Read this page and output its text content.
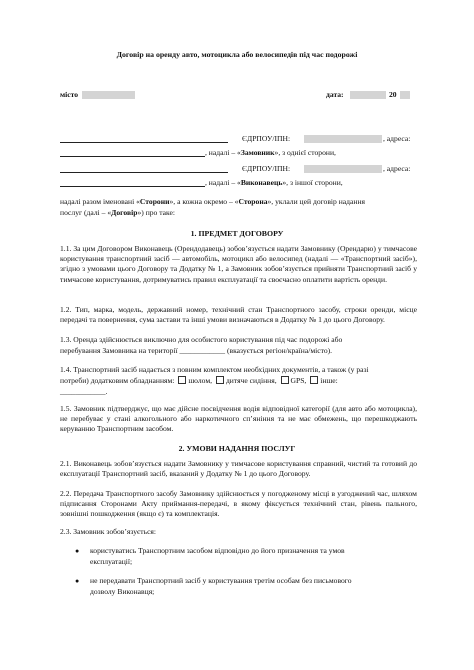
Договір на оренду авто, мотоцикла або велосипедів під час подорожі
місто	дата:	20
ЄДРПОУ/ІПН:	, адреса:
, надалі – «Замовник», з однієї сторони,
ЄДРПОУ/ІПН:	, адреса:
, надалі – «Виконавець», з іншої сторони,
надалі разом іменовані «Сторони», а кожна окремо – «Сторона», уклали цей договір надання
послуг (далі – «Договір») про таке:
1. ПРЕДМЕТ ДОГОВОРУ
1.1. За цим Договором Виконавець (Орендодавець) зобов’язується надати Замовнику (Орендарю) у тимчасове користування транспортний засіб — автомобіль, мотоцикл або велосипед (надалі — «Транспортний засіб»), згідно з умовами цього Договору та Додатку № 1, а Замовник зобов’язується прийняти Транспортний засіб у тимчасове користування, дотримуватись правил експлуатації та своєчасно оплатити вартість оренди.
1.2. Тип, марка, модель, державний номер, технічний стан Транспортного засобу, строки оренди, місце передачі та повернення, сума застави та інші умови визначаються в Додатку № 1 до цього Договору.
1.3. Оренда здійснюється виключно для особистого користування під час подорожі або
перебування Замовника на території ____________ (вказується регіон/країна/місто).
1.4. Транспортний засіб надається з повним комплектом необхідних документів, а також (у разі
потреби) додатковим обладнанням: шолом, дитяче сидіння, GPS, інше:
____________.
1.5. Замовник підтверджує, що має дійсне посвідчення водія відповідної категорії (для авто або мотоцикла), не перебуває у стані алкогольного або наркотичного сп’яніння та не має обмежень, що перешкоджають керуванню Транспортним засобом.
2. УМОВИ НАДАННЯ ПОСЛУГ
2.1. Виконавець зобов’язується надати Замовнику у тимчасове користування справний, чистий та готовий до експлуатації Транспортний засіб, вказаний у Додатку № 1 до цього Договору.
2.2. Передача Транспортного засобу Замовнику здійснюється у погодженому місці в узгоджений час, шляхом підписання Сторонами Акту приймання-передачі, в якому фіксується технічний стан, рівень пального, зовнішні пошкодження (якщо є) та комплектація.
2.3. Замовник зобов’язується:
● користуватись Транспортним засобом відповідно до його призначення та умов
експлуатації;
● не передавати Транспортний засіб у користування третім особам без письмового
дозволу Виконавця;
